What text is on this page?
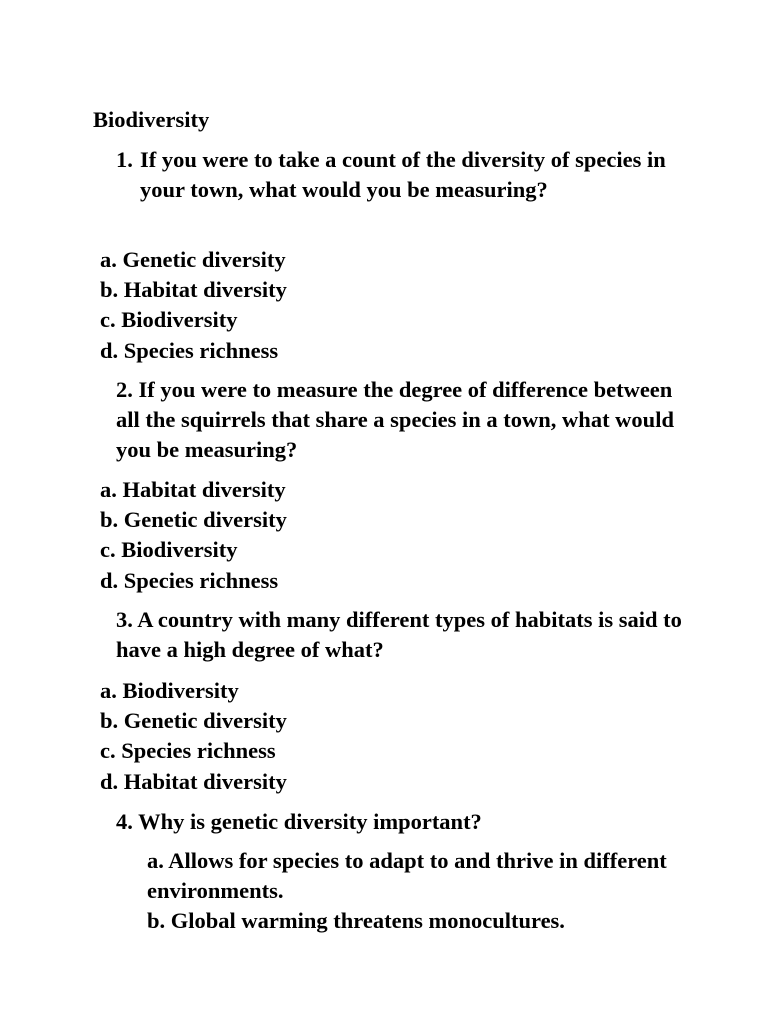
Biodiversity
1. If you were to take a count of the diversity of species in your town, what would you be measuring?
a. Genetic diversity
b. Habitat diversity
c. Biodiversity
d. Species richness
2. If you were to measure the degree of difference between all the squirrels that share a species in a town, what would you be measuring?
a. Habitat diversity
b. Genetic diversity
c. Biodiversity
d. Species richness
3. A country with many different types of habitats is said to have a high degree of what?
a. Biodiversity
b. Genetic diversity
c. Species richness
d. Habitat diversity
4. Why is genetic diversity important?
a. Allows for species to adapt to and thrive in different environments.
b. Global warming threatens monocultures.
